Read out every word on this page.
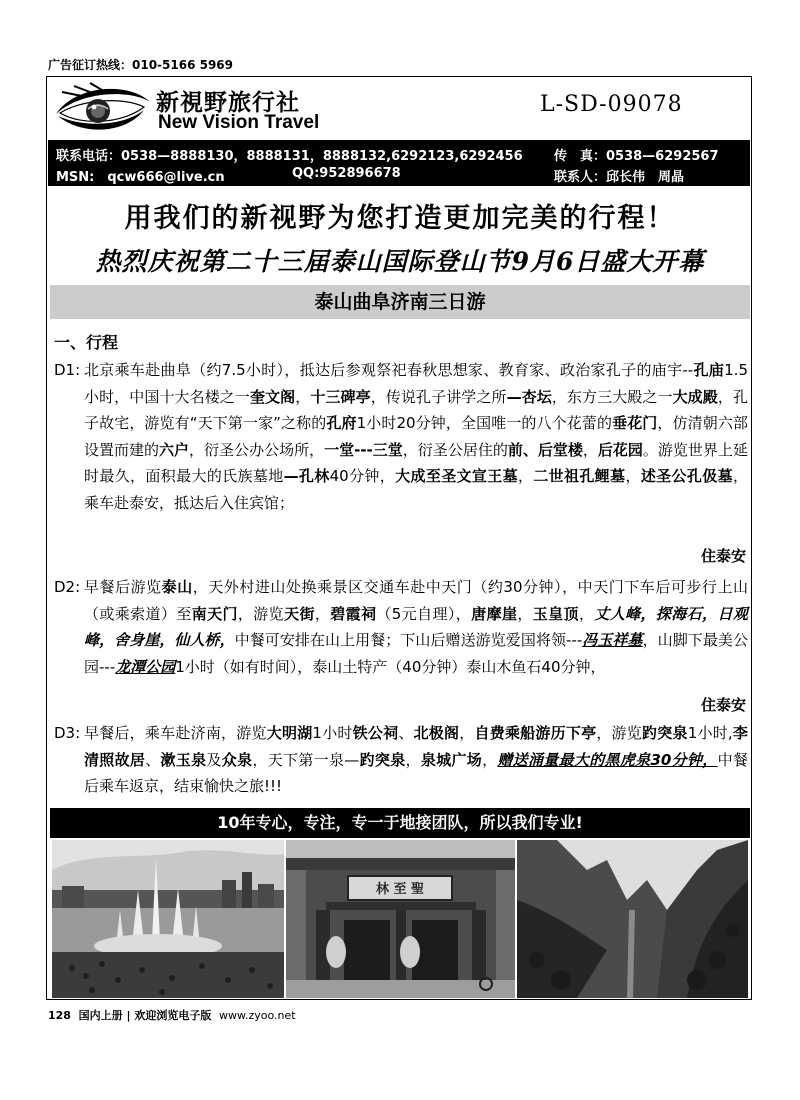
广告征订热线：010-5166 5969
新視野旅行社
New Vision Travel
L-SD-09078
联系电话：0538—8888130，8888131，8888132,6292123,6292456 传　真：0538—6292567
MSN:　qcw666@live.cn	QQ:952896678	联系人：邱长伟　周晶
用我们的新视野为您打造更加完美的行程！
热烈庆祝第二十三届泰山国际登山节9月6日盛大开幕
泰山曲阜济南三日游
一、行程
D1: 北京乘车赴曲阜（约7.5小时），抵达后参观祭祀春秋思想家、教育家、政治家孔子的庙宇--孔庙1.5小时，中国十大名楼之一奎文阁，十三碑亭，传说孔子讲学之所—杏坛，东方三大殿之一大成殿，孔子故宅，游览有“天下第一家”之称的孔府1小时20分钟，全国唯一的八个花蕾的垂花门，仿清朝六部设置而建的六户，衍圣公办公场所，一堂---三堂，衍圣公居住的前、后堂楼，后花园。游览世界上延时最久，面积最大的氏族墓地—孔林40分钟，大成至圣文宣王墓，二世祖孔鲤墓，述圣公孔伋墓，乘车赴泰安，抵达后入住宾馆；
住泰安
D2: 早餐后游览泰山，天外村进山处换乘景区交通车赴中天门（约30分钟），中天门下车后可步行上山（或乘索道）至南天门，游览天街，碧霞祠（5元自理），唐摩崖，玉皇顶，丈人峰，探海石，日观峰，舍身崖，仙人桥，中餐可安排在山上用餐；下山后赠送游览爱国将领---冯玉祥墓，山脚下最美公园---龙潭公园1小时（如有时间），泰山土特产（40分钟）泰山木鱼石40分钟，
住泰安
D3: 早餐后，乘车赴济南，游览大明湖1小时铁公祠、北极阁，自费乘船游历下亭，游览趵突泉1小时,李清照故居、漱玉泉及众泉，天下第一泉—趵突泉，泉城广场，赠送涌量最大的黑虎泉30分钟，中餐后乘车返京，结束愉快之旅!!!
10年专心，专注，专一于地接团队，所以我们专业!
林 至 聖
128 国内上册 | 欢迎浏览电子版 www.zyoo.net
